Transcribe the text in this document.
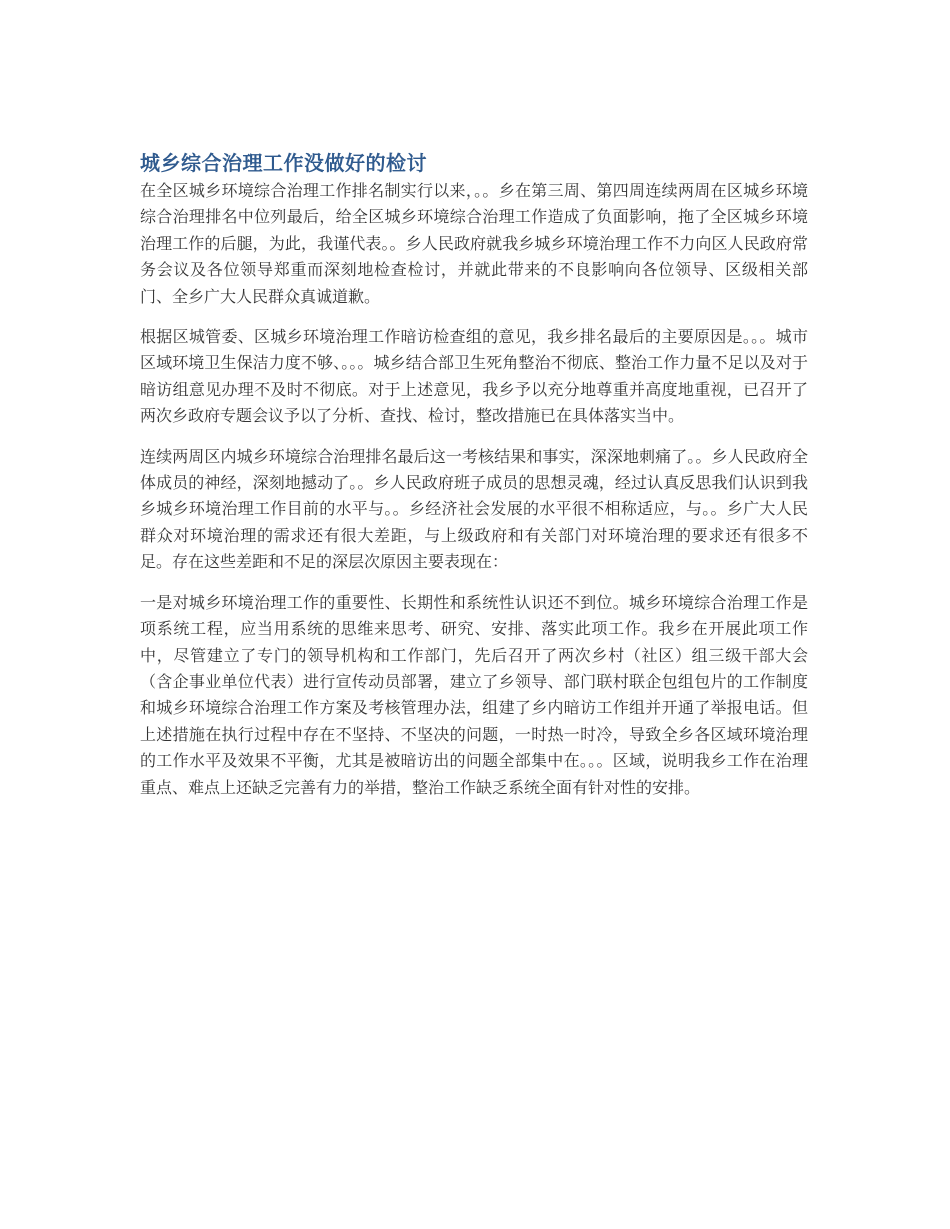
城乡综合治理工作没做好的检讨

在全区城乡环境综合治理工作排名制实行以来，。。乡在第三周、第四周连续两周在区城乡环境综合治理排名中位列最后，给全区城乡环境综合治理工作造成了负面影响，拖了全区城乡环境治理工作的后腿，为此，我谨代表。。乡人民政府就我乡城乡环境治理工作不力向区人民政府常务会议及各位领导郑重而深刻地检查检讨，并就此带来的不良影响向各位领导、区级相关部门、全乡广大人民群众真诚道歉。

根据区城管委、区城乡环境治理工作暗访检查组的意见，我乡排名最后的主要原因是。。。城市区域环境卫生保洁力度不够、。。。城乡结合部卫生死角整治不彻底、整治工作力量不足以及对于暗访组意见办理不及时不彻底。对于上述意见，我乡予以充分地尊重并高度地重视，已召开了两次乡政府专题会议予以了分析、查找、检讨，整改措施已在具体落实当中。

连续两周区内城乡环境综合治理排名最后这一考核结果和事实，深深地刺痛了。。乡人民政府全体成员的神经，深刻地撼动了。。乡人民政府班子成员的思想灵魂，经过认真反思我们认识到我乡城乡环境治理工作目前的水平与。。乡经济社会发展的水平很不相称适应，与。。乡广大人民群众对环境治理的需求还有很大差距，与上级政府和有关部门对环境治理的要求还有很多不足。存在这些差距和不足的深层次原因主要表现在：

一是对城乡环境治理工作的重要性、长期性和系统性认识还不到位。城乡环境综合治理工作是项系统工程，应当用系统的思维来思考、研究、安排、落实此项工作。我乡在开展此项工作中，尽管建立了专门的领导机构和工作部门，先后召开了两次乡村（社区）组三级干部大会（含企事业单位代表）进行宣传动员部署，建立了乡领导、部门联村联企包组包片的工作制度和城乡环境综合治理工作方案及考核管理办法，组建了乡内暗访工作组并开通了举报电话。但上述措施在执行过程中存在不坚持、不坚决的问题，一时热一时冷，导致全乡各区域环境治理的工作水平及效果不平衡，尤其是被暗访出的问题全部集中在。。。区域，说明我乡工作在治理重点、难点上还缺乏完善有力的举措，整治工作缺乏系统全面有针对性的安排。
